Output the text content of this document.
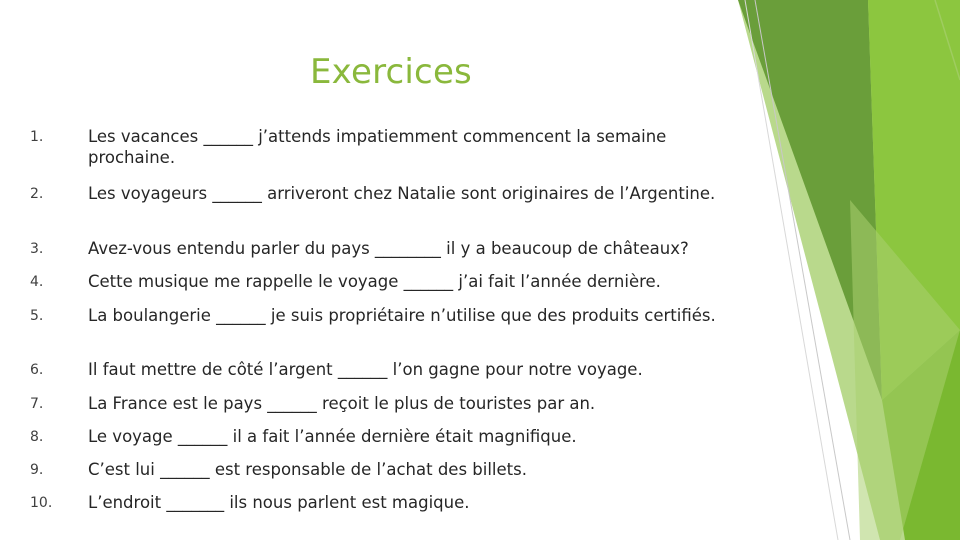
Exercices
1.	Les vacances ______ j’attends impatiemment commencent la semaine prochaine.
2.	Les voyageurs ______ arriveront chez Natalie sont originaires de l’Argentine.
3.	Avez-vous entendu parler du pays ________ il y a beaucoup de châteaux?
4.	Cette musique me rappelle le voyage ______ j’ai fait l’année dernière.
5.	La boulangerie ______ je suis propriétaire n’utilise que des produits certifiés.
6.	Il faut mettre de côté l’argent ______ l’on gagne pour notre voyage.
7.	La France est le pays ______ reçoit le plus de touristes par an.
8.	Le voyage ______ il a fait l’année dernière était magnifique.
9.	C’est lui ______ est responsable de l’achat des billets.
10.	L’endroit _______ ils nous parlent est magique.
